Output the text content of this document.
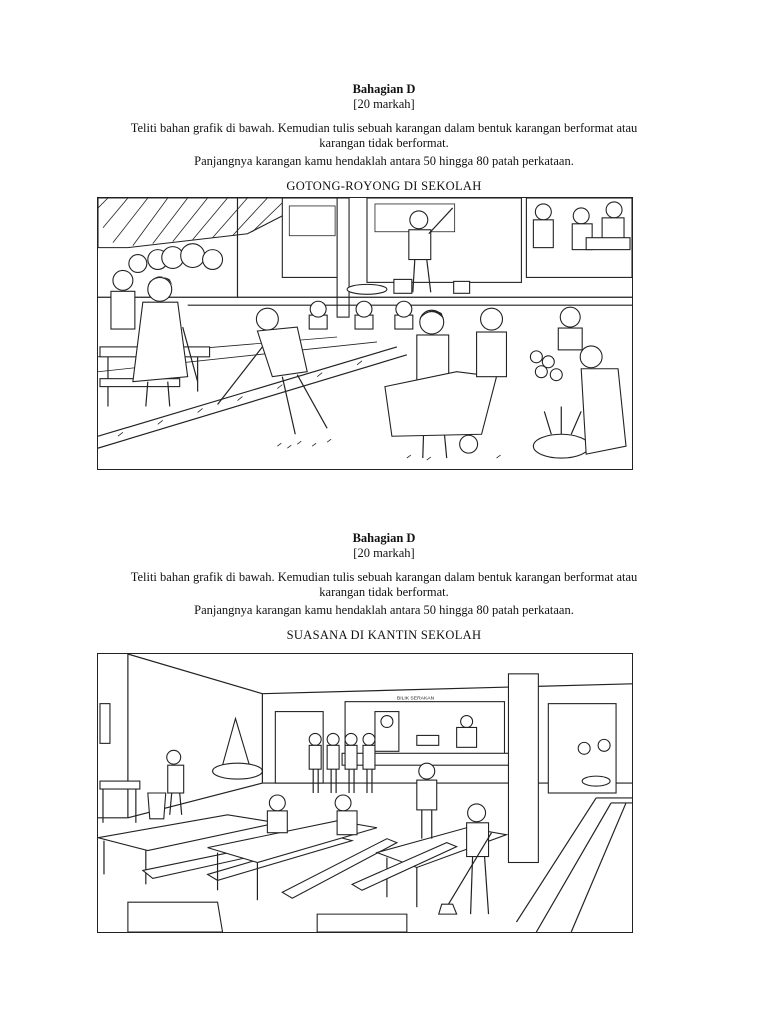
Bahagian D
[20 markah]
Teliti bahan grafik di bawah. Kemudian tulis sebuah karangan dalam bentuk karangan berformat atau karangan tidak berformat.
Panjangnya karangan kamu hendaklah antara 50 hingga 80 patah perkataan.
GOTONG-ROYONG DI SEKOLAH
Bahagian D
[20 markah]
Teliti bahan grafik di bawah. Kemudian tulis sebuah karangan dalam bentuk karangan berformat atau karangan tidak berformat.
Panjangnya karangan kamu hendaklah antara 50 hingga 80 patah perkataan.
SUASANA DI KANTIN SEKOLAH
BILIK SERAKAN
